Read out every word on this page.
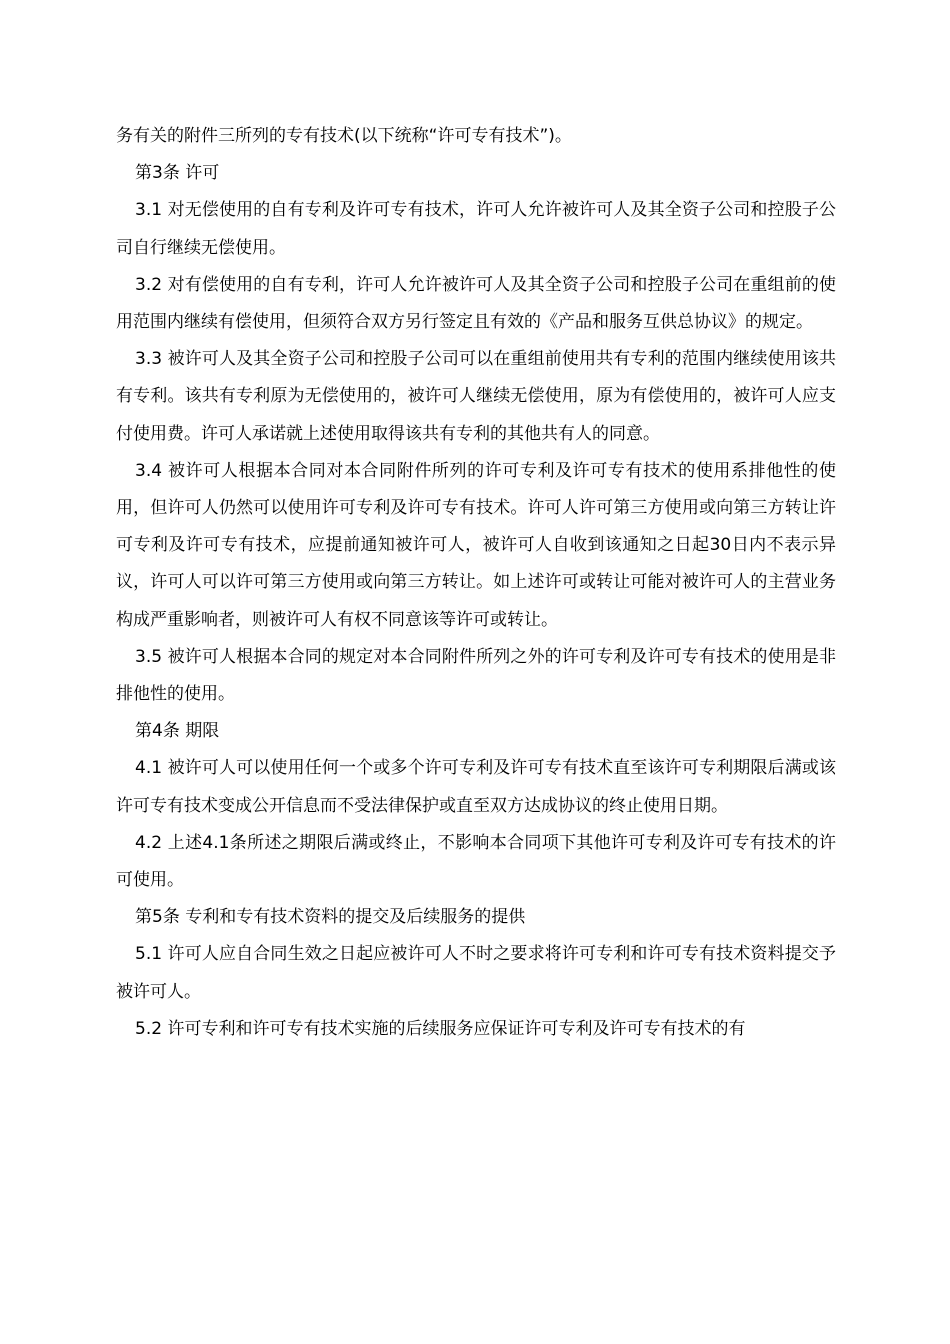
务有关的附件三所列的专有技术(以下统称“许可专有技术”)。

第3条 许可

3.1 对无偿使用的自有专利及许可专有技术，许可人允许被许可人及其全资子公司和控股子公司自行继续无偿使用。

3.2 对有偿使用的自有专利，许可人允许被许可人及其全资子公司和控股子公司在重组前的使用范围内继续有偿使用，但须符合双方另行签定且有效的《产品和服务互供总协议》的规定。

3.3 被许可人及其全资子公司和控股子公司可以在重组前使用共有专利的范围内继续使用该共有专利。该共有专利原为无偿使用的，被许可人继续无偿使用，原为有偿使用的，被许可人应支付使用费。许可人承诺就上述使用取得该共有专利的其他共有人的同意。

3.4 被许可人根据本合同对本合同附件所列的许可专利及许可专有技术的使用系排他性的使用，但许可人仍然可以使用许可专利及许可专有技术。许可人许可第三方使用或向第三方转让许可专利及许可专有技术，应提前通知被许可人，被许可人自收到该通知之日起30日内不表示异议，许可人可以许可第三方使用或向第三方转让。如上述许可或转让可能对被许可人的主营业务构成严重影响者，则被许可人有权不同意该等许可或转让。

3.5 被许可人根据本合同的规定对本合同附件所列之外的许可专利及许可专有技术的使用是非排他性的使用。

第4条 期限

4.1 被许可人可以使用任何一个或多个许可专利及许可专有技术直至该许可专利期限后满或该许可专有技术变成公开信息而不受法律保护或直至双方达成协议的终止使用日期。

4.2 上述4.1条所述之期限后满或终止，不影响本合同项下其他许可专利及许可专有技术的许可使用。

第5条 专利和专有技术资料的提交及后续服务的提供

5.1 许可人应自合同生效之日起应被许可人不时之要求将许可专利和许可专有技术资料提交予被许可人。

5.2 许可专利和许可专有技术实施的后续服务应保证许可专利及许可专有技术的有
